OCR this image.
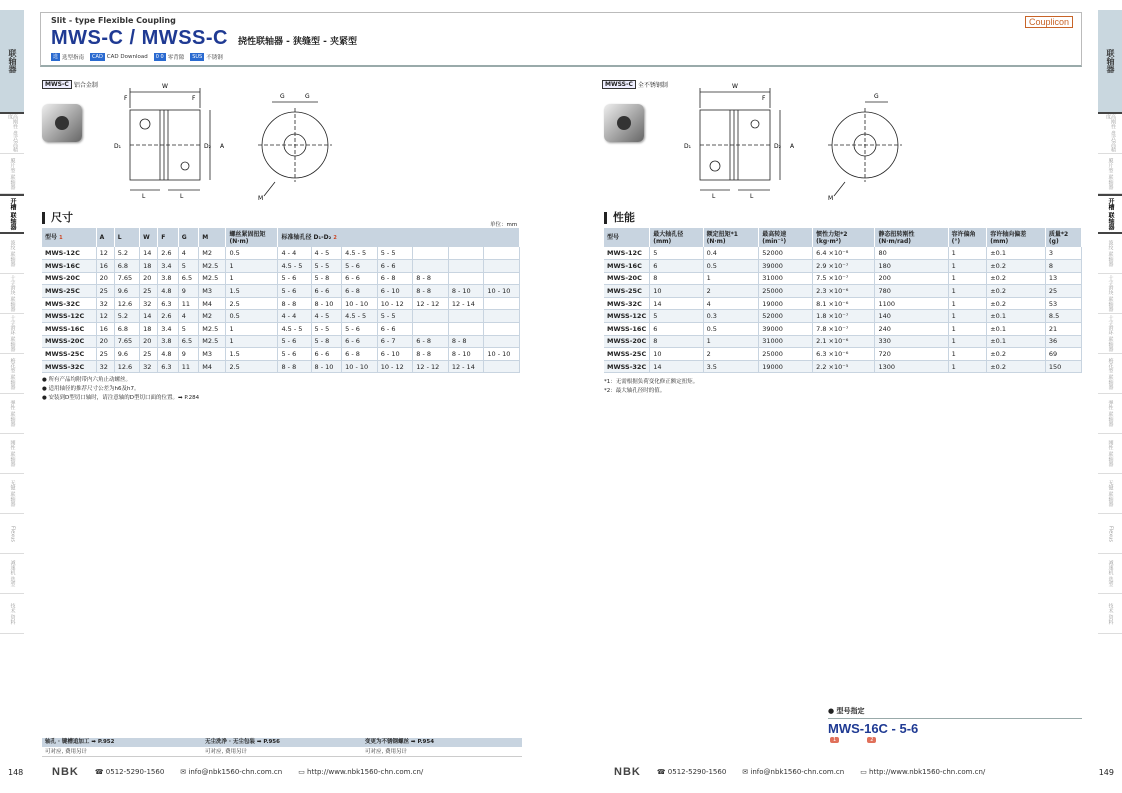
联轴器
高刚性 盘式/高精度
膜片型 联轴器
开槽 联轴器
波纹 联轴器
十字滑块 联轴器
十字滑环 联轴器
梅花型 联轴器
弹性 联轴器
刚性 联轴器
无键 联轴器
Flexus
减速机 选型
技术 资料
联轴器
高刚性 盘式/高精度
膜片型 联轴器
开槽 联轴器
波纹 联轴器
十字滑块 联轴器
十字滑环 联轴器
梅花型 联轴器
弹性 联轴器
刚性 联轴器
无键 联轴器
Flexus
减速机 选型
技术 资料
Slit - type Flexible Coupling
MWS-C / MWSS-C 挠性联轴器 - 狭缝型 - 夹紧型
选 选型指南	CAD CAD Download	0 0 零背隙	SUS 不锈钢
Couplicon
MWS-C 铝合金制	W
F	F
L	L
D₁	D₂ A
G	G
M
MWSS-C 全不锈钢制	W
F
L	L
D₁	D₂ A
G
M
尺寸
单位：mm
型号 1	A	L	W	F	G	M	螺丝紧固扭矩 (N·m)	标准轴孔径 D₁-D₂ 2						
MWS-12C	12	5.2	14	2.6	4	M2	0.5	4 - 4	4 - 5	4.5 - 5	5 - 5			
MWS-16C	16	6.8	18	3.4	5	M2.5	1	4.5 - 5	5 - 5	5 - 6	6 - 6			
MWS-20C	20	7.65	20	3.8	6.5	M2.5	1	5 - 6	5 - 8	6 - 6	6 - 8	8 - 8		
MWS-25C	25	9.6	25	4.8	9	M3	1.5	5 - 6	6 - 6	6 - 8	6 - 10	8 - 8	8 - 10	10 - 10
MWS-32C	32	12.6	32	6.3	11	M4	2.5	8 - 8	8 - 10	10 - 10	10 - 12	12 - 12	12 - 14	
MWSS-12C	12	5.2	14	2.6	4	M2	0.5	4 - 4	4 - 5	4.5 - 5	5 - 5			
MWSS-16C	16	6.8	18	3.4	5	M2.5	1	4.5 - 5	5 - 5	5 - 6	6 - 6			
MWSS-20C	20	7.65	20	3.8	6.5	M2.5	1	5 - 6	5 - 8	6 - 6	6 - 7	6 - 8	8 - 8	
MWSS-25C	25	9.6	25	4.8	9	M3	1.5	5 - 6	6 - 6	6 - 8	6 - 10	8 - 8	8 - 10	10 - 10
MWSS-32C	32	12.6	32	6.3	11	M4	2.5	8 - 8	8 - 10	10 - 10	10 - 12	12 - 12	12 - 14	
● 所有产品均附带内六角止动螺丝。
● 适用轴径的推荐尺寸公差为h6及h7。
● 安装到D型切口轴时，请注意轴的D型切口面的位置。➡ P.284
性能
型号	最大轴孔径 (mm)	额定扭矩*1 (N·m)	最高转速 (min⁻¹)	惯性力矩*2 (kg·m²)	静态扭转刚性 (N·m/rad)	容许偏角 (°)	容许轴向偏差 (mm)	质量*2 (g)
MWS-12C	5	0.4	52000	6.4 ×10⁻⁸	80	1	±0.1	3
MWS-16C	6	0.5	39000	2.9 ×10⁻⁷	180	1	±0.2	8
MWS-20C	8	1	31000	7.5 ×10⁻⁷	200	1	±0.2	13
MWS-25C	10	2	25000	2.3 ×10⁻⁶	780	1	±0.2	25
MWS-32C	14	4	19000	8.1 ×10⁻⁶	1100	1	±0.2	53
MWSS-12C	5	0.3	52000	1.8 ×10⁻⁷	140	1	±0.1	8.5
MWSS-16C	6	0.5	39000	7.8 ×10⁻⁷	240	1	±0.1	21
MWSS-20C	8	1	31000	2.1 ×10⁻⁶	330	1	±0.1	36
MWSS-25C	10	2	25000	6.3 ×10⁻⁶	720	1	±0.2	69
MWSS-32C	14	3.5	19000	2.2 ×10⁻⁵	1300	1	±0.2	150
*1：无需根据负荷变化修正额定扭矩。
*2：最大轴孔径时的值。
轴孔 · 键槽追加工 ➡ P.952
可对应, 费用另计
无尘洗净 · 无尘包装 ➡ P.956
可对应, 费用另计
变更为不锈钢螺丝 ➡ P.954
可对应, 费用另计
● 型号指定
MWS-16C - 5-6
1	2
148	149
NBK ☎ 0512-5290-1560 ✉ info@nbk1560-chn.com.cn ▭ http://www.nbk1560-chn.com.cn/	NBK ☎ 0512-5290-1560 ✉ info@nbk1560-chn.com.cn ▭ http://www.nbk1560-chn.com.cn/
